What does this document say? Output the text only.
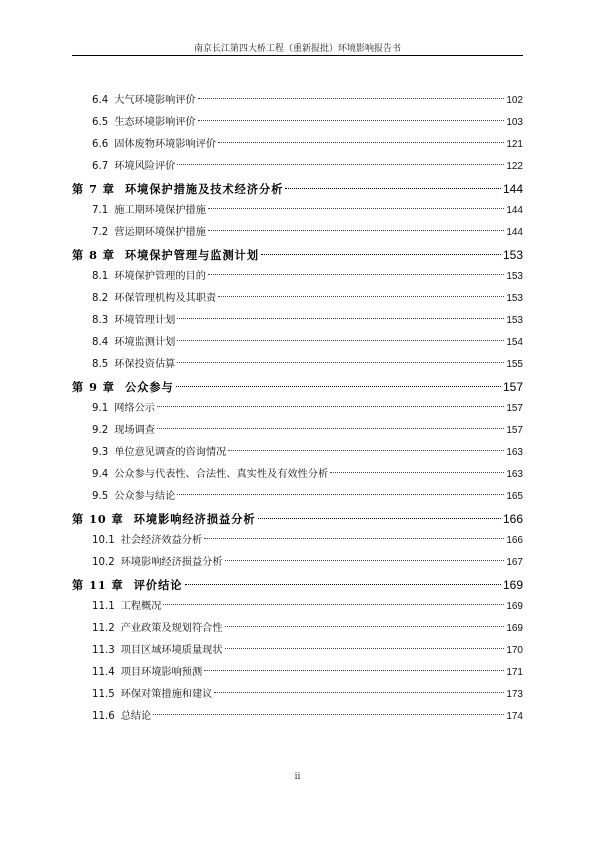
南京长江第四大桥工程（重新报批）环境影响报告书
6.4 大气环境影响评价	102
6.5 生态环境影响评价	103
6.6 固体废物环境影响评价	121
6.7 环境风险评价	122
第 7 章 环境保护措施及技术经济分析	144
7.1 施工期环境保护措施	144
7.2 营运期环境保护措施	144
第 8 章 环境保护管理与监测计划	153
8.1 环境保护管理的目的	153
8.2 环保管理机构及其职责	153
8.3 环境管理计划	153
8.4 环境监测计划	154
8.5 环保投资估算	155
第 9 章 公众参与	157
9.1 网络公示	157
9.2 现场调查	157
9.3 单位意见调查的咨询情况	163
9.4 公众参与代表性、合法性、真实性及有效性分析	163
9.5 公众参与结论	165
第 10 章 环境影响经济损益分析	166
10.1 社会经济效益分析	166
10.2 环境影响经济损益分析	167
第 11 章 评价结论	169
11.1 工程概况	169
11.2 产业政策及规划符合性	169
11.3 项目区域环境质量现状	170
11.4 项目环境影响预测	171
11.5 环保对策措施和建议	173
11.6 总结论	174
ii
